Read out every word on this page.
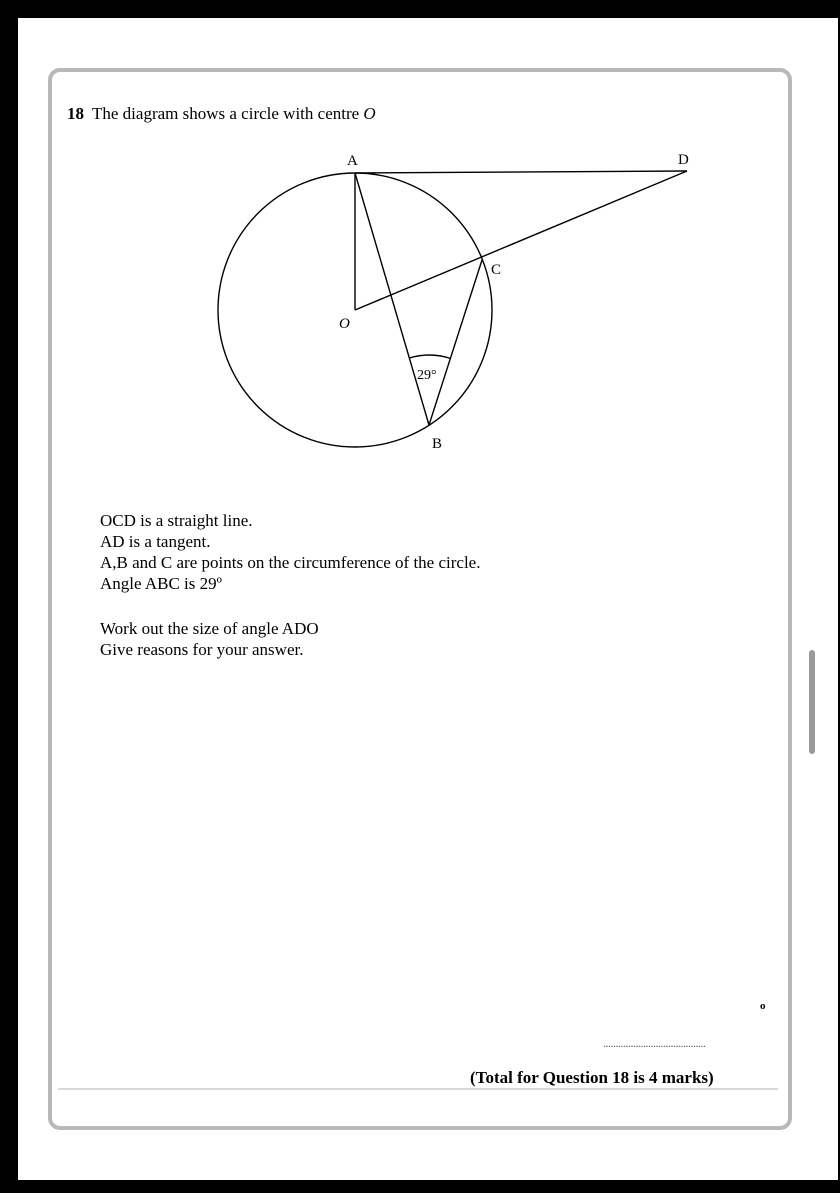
18 The diagram shows a circle with centre O
A	D
C
O
B
29°
OCD is a straight line.
AD is a tangent.
A,B and C are points on the circumference of the circle.
Angle ABC is 29º
Work out the size of angle ADO
Give reasons for your answer.
o
.........................................
(Total for Question 18 is 4 marks)
